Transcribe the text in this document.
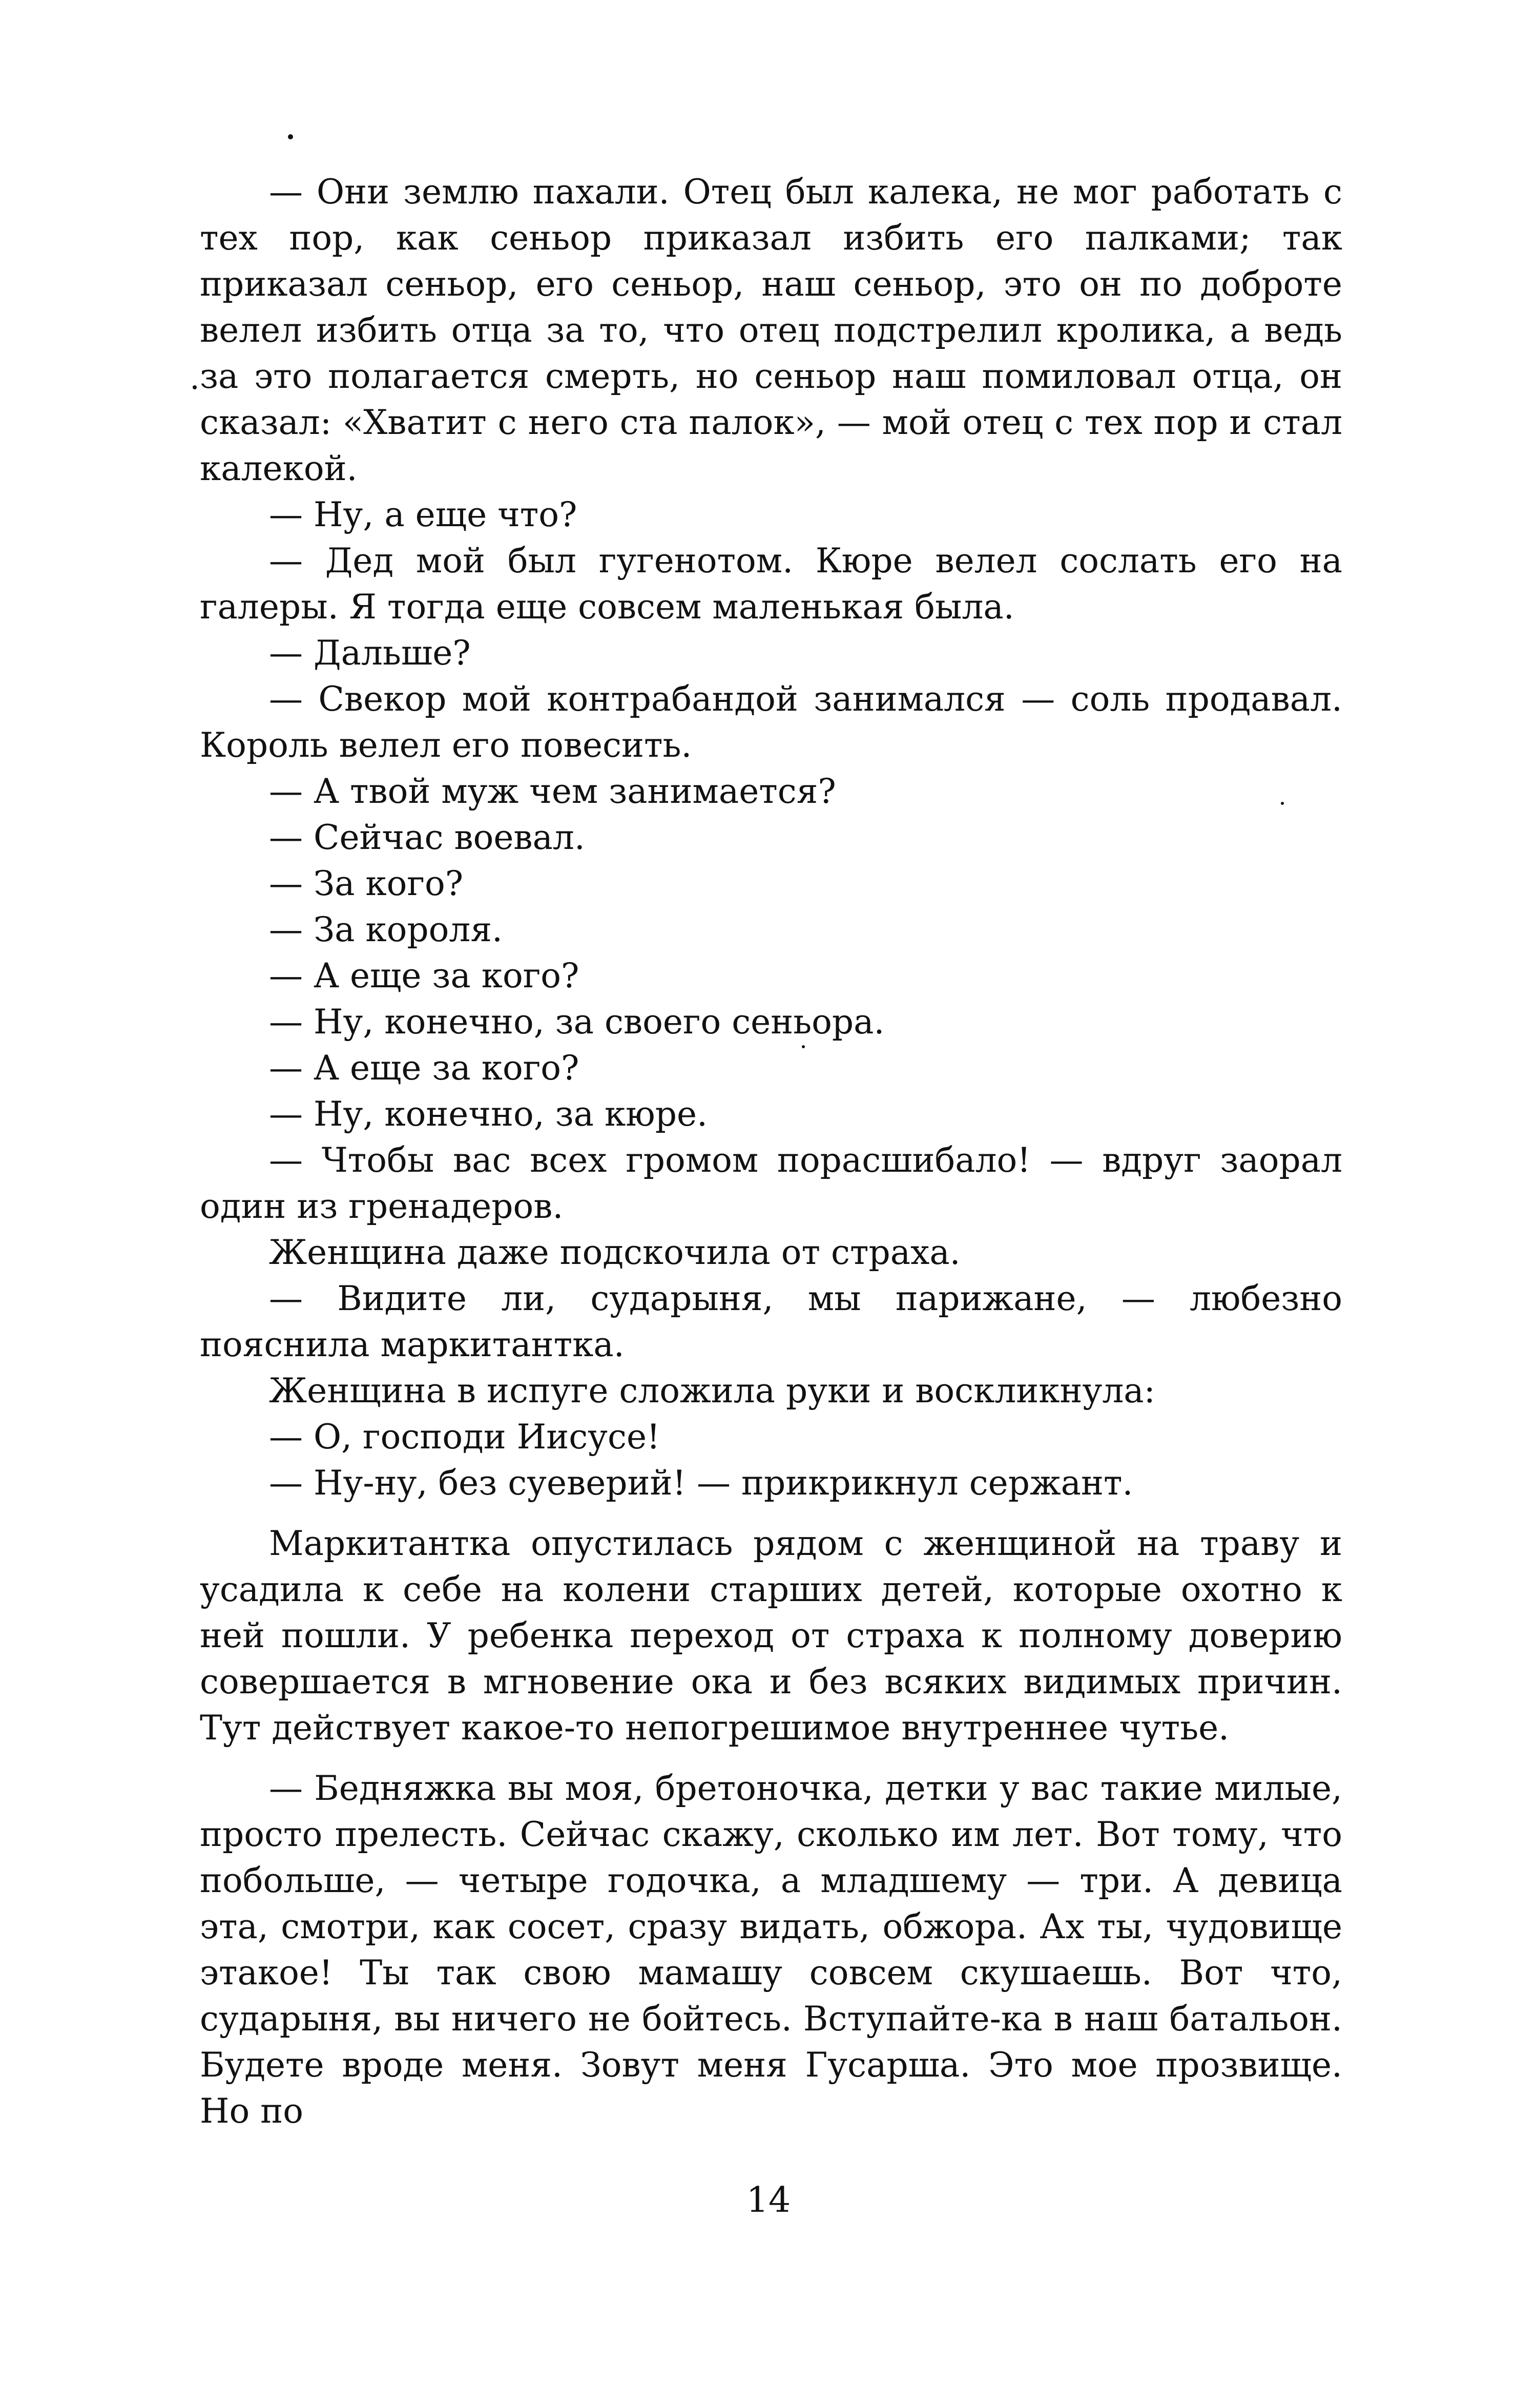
— Они землю пахали. Отец был калека, не мог работать с тех пор, как сеньор приказал избить его палками; так приказал сеньор, его сеньор, наш сеньор, это он по доброте велел избить отца за то, что отец подстрелил кролика, а ведь за это полагается смерть, но сеньор наш помиловал отца, он сказал: «Хватит с него ста палок», — мой отец с тех пор и стал калекой.

— Ну, а еще что?

— Дед мой был гугенотом. Кюре велел сослать его на галеры. Я тогда еще совсем маленькая была.

— Дальше?

— Свекор мой контрабандой занимался — соль продавал. Король велел его повесить.

— А твой муж чем занимается?

— Сейчас воевал.

— За кого?

— За короля.

— А еще за кого?

— Ну, конечно, за своего сеньора.

— А еще за кого?

— Ну, конечно, за кюре.

— Чтобы вас всех громом порасшибало! — вдруг заорал один из гренадеров.

Женщина даже подскочила от страха.

— Видите ли, сударыня, мы парижане, — любезно пояснила маркитантка.

Женщина в испуге сложила руки и воскликнула:

— О, господи Иисусе!

— Ну-ну, без суеверий! — прикрикнул сержант.

Маркитантка опустилась рядом с женщиной на траву и усадила к себе на колени старших детей, которые охотно к ней пошли. У ребенка переход от страха к полному доверию совершается в мгновение ока и без всяких видимых причин. Тут действует какое-то непогрешимое внутреннее чутье.

— Бедняжка вы моя, бретоночка, детки у вас такие милые, просто прелесть. Сейчас скажу, сколько им лет. Вот тому, что побольше, — четыре годочка, а младшему — три. А девица эта, смотри, как сосет, сразу видать, обжора. Ах ты, чудовище этакое! Ты так свою мамашу совсем скушаешь. Вот что, сударыня, вы ничего не бойтесь. Вступайте-ка в наш батальон. Будете вроде меня. Зовут меня Гусарша. Это мое прозвище. Но по

14
